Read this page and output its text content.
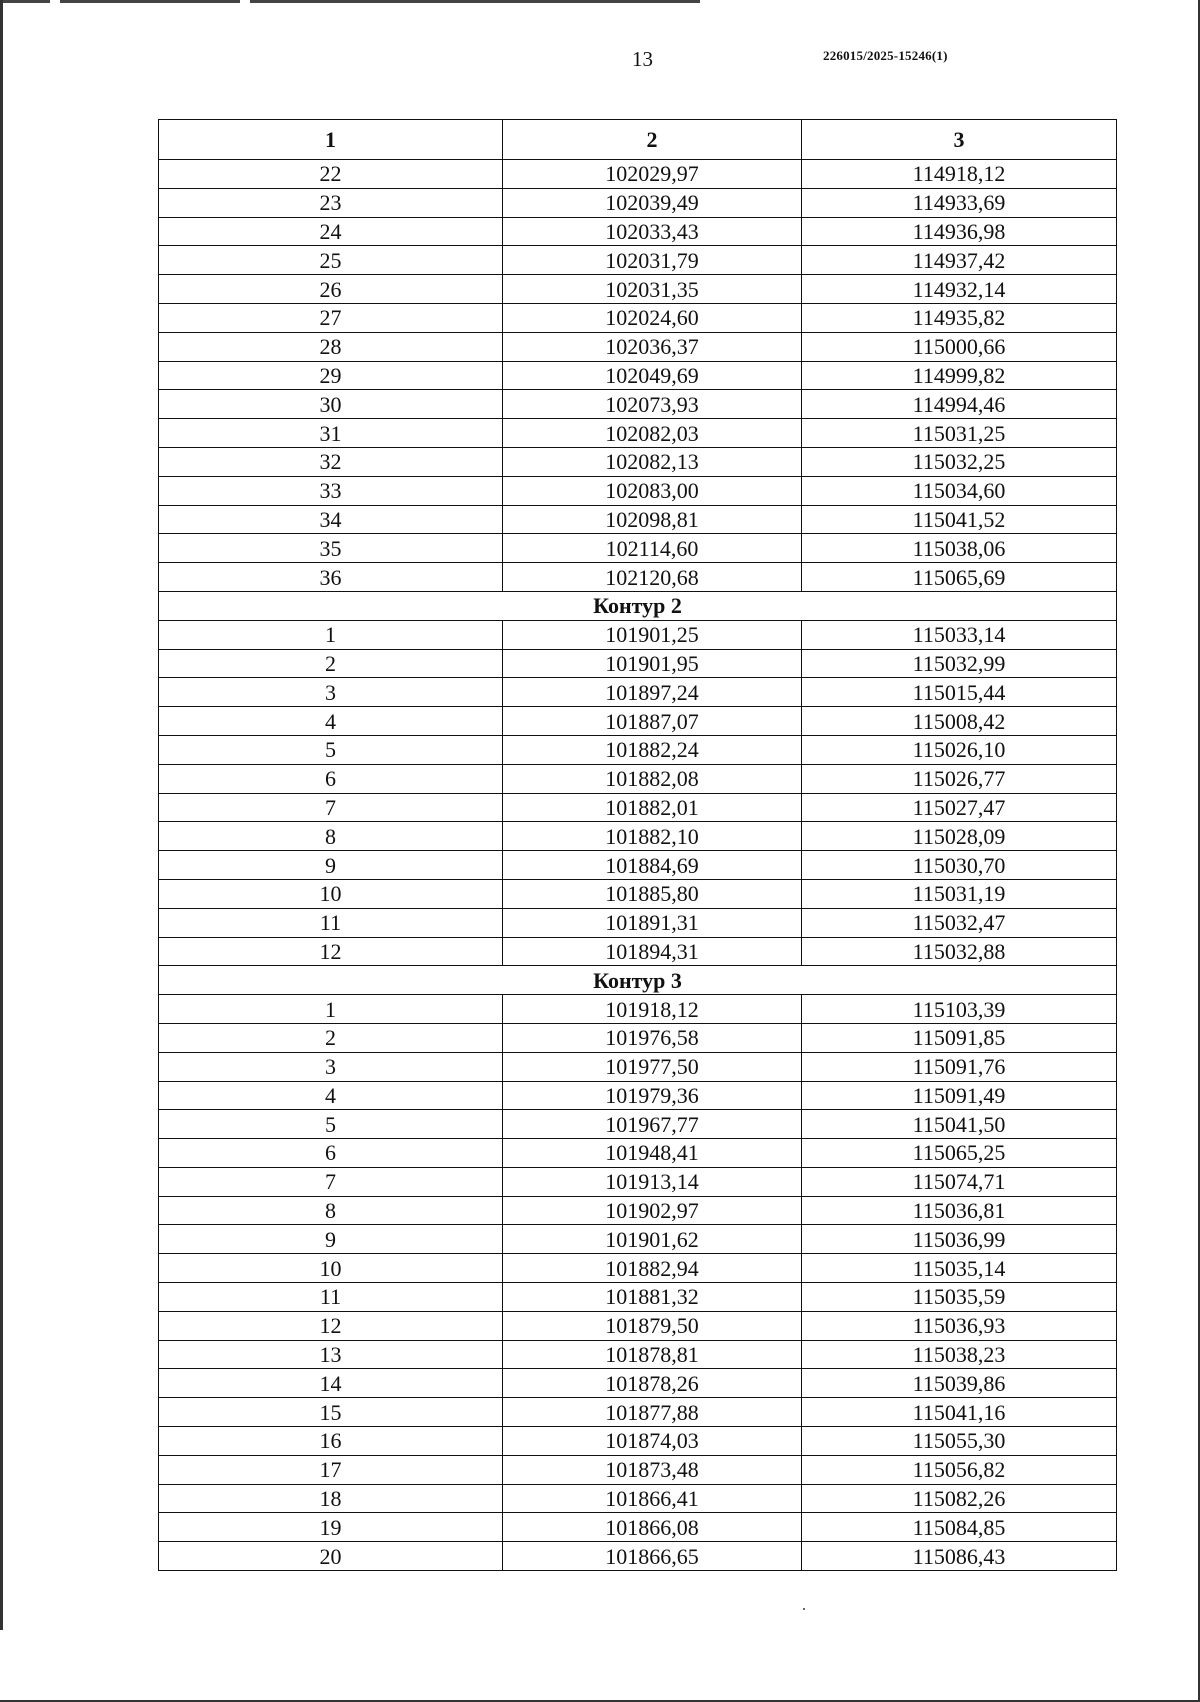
13	226015/2025-15246(1)
1	2	3
22	102029,97	114918,12
23	102039,49	114933,69
24	102033,43	114936,98
25	102031,79	114937,42
26	102031,35	114932,14
27	102024,60	114935,82
28	102036,37	115000,66
29	102049,69	114999,82
30	102073,93	114994,46
31	102082,03	115031,25
32	102082,13	115032,25
33	102083,00	115034,60
34	102098,81	115041,52
35	102114,60	115038,06
36	102120,68	115065,69
Контур 2		
1	101901,25	115033,14
2	101901,95	115032,99
3	101897,24	115015,44
4	101887,07	115008,42
5	101882,24	115026,10
6	101882,08	115026,77
7	101882,01	115027,47
8	101882,10	115028,09
9	101884,69	115030,70
10	101885,80	115031,19
11	101891,31	115032,47
12	101894,31	115032,88
Контур 3		
1	101918,12	115103,39
2	101976,58	115091,85
3	101977,50	115091,76
4	101979,36	115091,49
5	101967,77	115041,50
6	101948,41	115065,25
7	101913,14	115074,71
8	101902,97	115036,81
9	101901,62	115036,99
10	101882,94	115035,14
11	101881,32	115035,59
12	101879,50	115036,93
13	101878,81	115038,23
14	101878,26	115039,86
15	101877,88	115041,16
16	101874,03	115055,30
17	101873,48	115056,82
18	101866,41	115082,26
19	101866,08	115084,85
20	101866,65	115086,43
